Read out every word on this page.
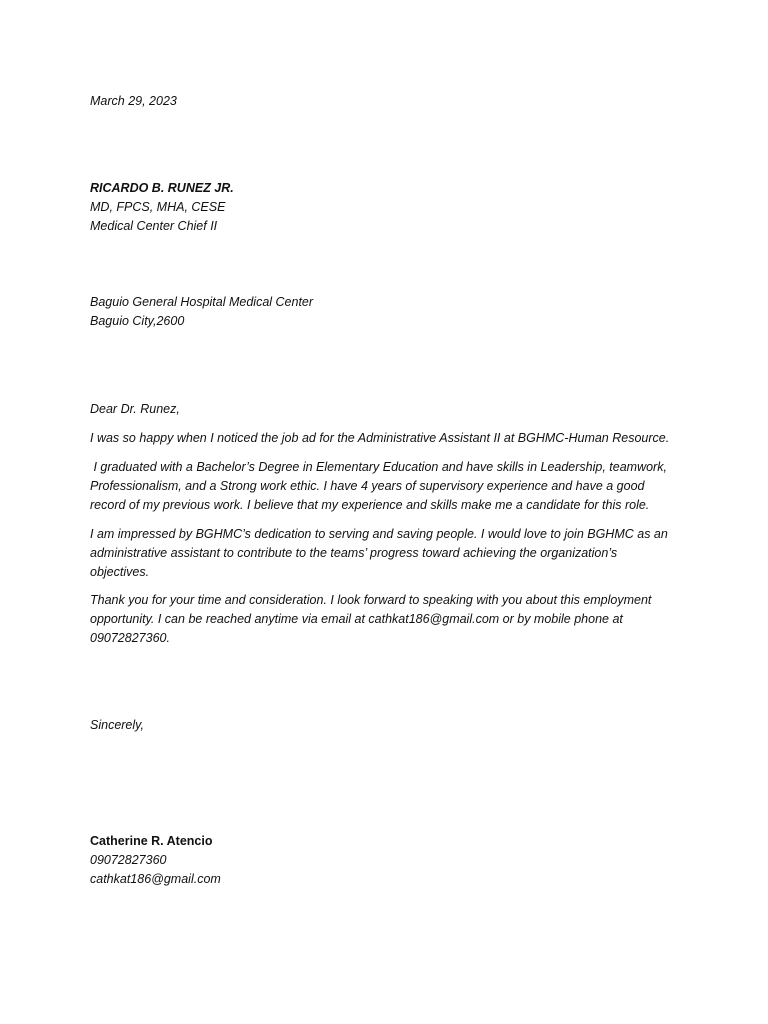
March 29, 2023
RICARDO B. RUNEZ JR.
MD, FPCS, MHA, CESE
Medical Center Chief II
Baguio General Hospital Medical Center
Baguio City,2600
Dear Dr. Runez,
I was so happy when I noticed the job ad for the Administrative Assistant II at BGHMC-Human Resource.
I graduated with a Bachelor’s Degree in Elementary Education and have skills in Leadership, teamwork,
Professionalism, and a Strong work ethic. I have 4 years of supervisory experience and have a good
record of my previous work. I believe that my experience and skills make me a candidate for this role.
I am impressed by BGHMC’s dedication to serving and saving people. I would love to join BGHMC as an
administrative assistant to contribute to the teams’ progress toward achieving the organization’s
objectives.
Thank you for your time and consideration. I look forward to speaking with you about this employment
opportunity. I can be reached anytime via email at cathkat186@gmail.com or by mobile phone at
09072827360.
Sincerely,
Catherine R. Atencio
09072827360
cathkat186@gmail.com
